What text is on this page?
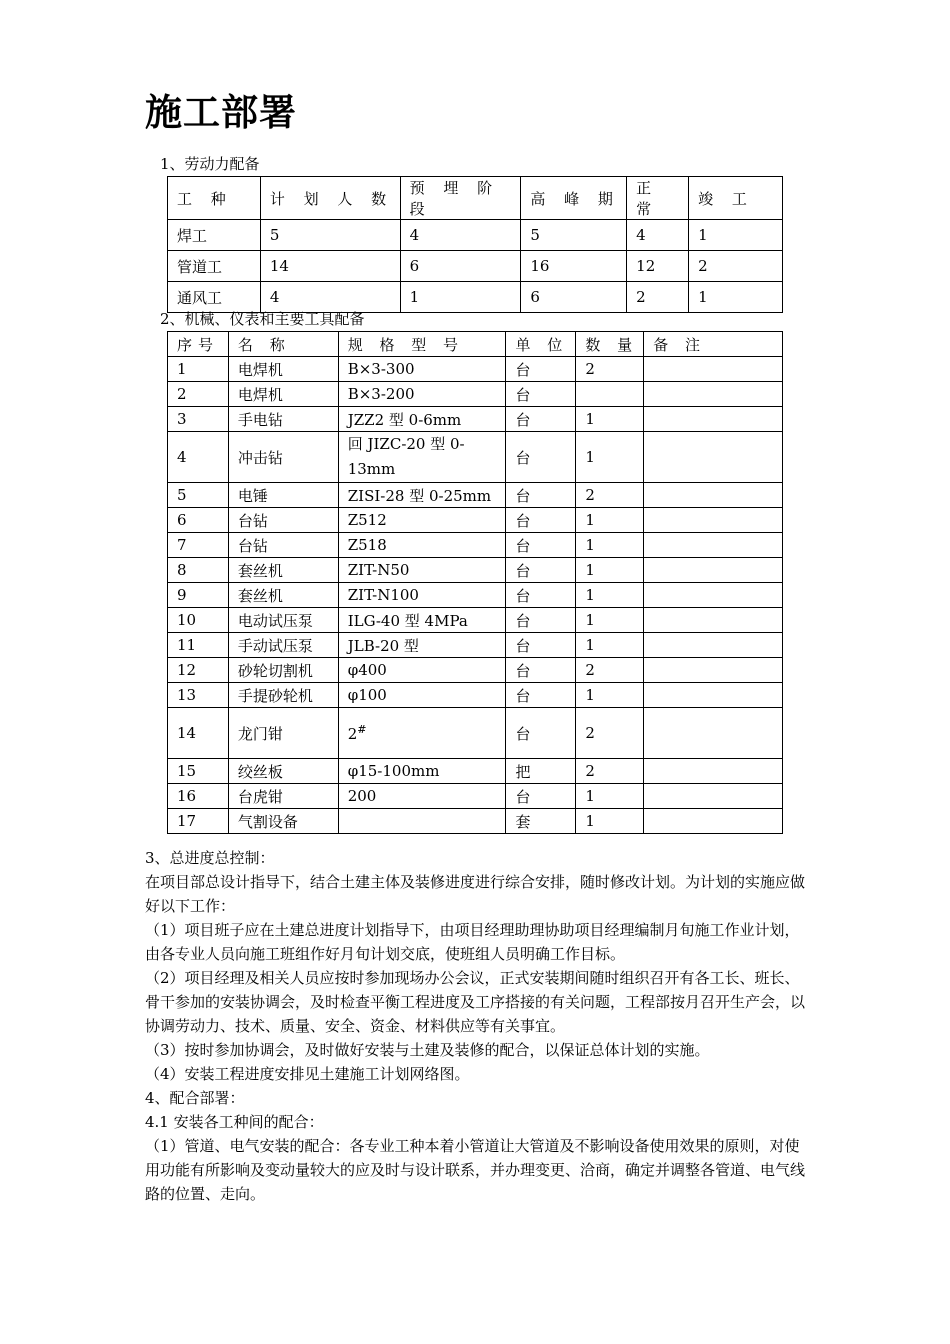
施工部署
1、劳动力配备
工 种	计 划 人 数	预 埋 阶 段	高 峰 期	正 常	竣 工
焊工	5	4	5	4	1
管道工	14	6	16	12	2
通风工	4	1	6	2	1
2、机械、仪表和主要工具配备
序号	名 称	规 格 型 号	单 位	数 量	备 注
1	电焊机	B×3-300	台	2	
2	电焊机	B×3-200	台		
3	手电钻	JZZ2 型 0-6mm	台	1	
4	冲击钻	回 JIZC-20 型 0-13mm	台	1	
5	电锤	ZISI-28 型 0-25mm	台	2	
6	台钻	Z512	台	1	
7	台钻	Z518	台	1	
8	套丝机	ZIT-N50	台	1	
9	套丝机	ZIT-N100	台	1	
10	电动试压泵	ILG-40 型 4MPa	台	1	
11	手动试压泵	JLB-20 型	台	1	
12	砂轮切割机	φ400	台	2	
13	手提砂轮机	φ100	台	1	
14	龙门钳	2#	台	2	
15	绞丝板	φ15-100mm	把	2	
16	台虎钳	200	台	1	
17	气割设备		套	1	
3、总进度总控制：
在项目部总设计指导下，结合土建主体及装修进度进行综合安排，随时修改计划。为计划的实施应做好以下工作：
（1）项目班子应在土建总进度计划指导下，由项目经理助理协助项目经理编制月旬施工作业计划，由各专业人员向施工班组作好月旬计划交底，使班组人员明确工作目标。
（2）项目经理及相关人员应按时参加现场办公会议，正式安装期间随时组织召开有各工长、班长、骨干参加的安装协调会，及时检查平衡工程进度及工序搭接的有关问题，工程部按月召开生产会，以协调劳动力、技术、质量、安全、资金、材料供应等有关事宜。
（3）按时参加协调会，及时做好安装与土建及装修的配合，以保证总体计划的实施。
（4）安装工程进度安排见土建施工计划网络图。
4、配合部署：
4.1 安装各工种间的配合：
（1）管道、电气安装的配合：各专业工种本着小管道让大管道及不影响设备使用效果的原则，对使用功能有所影响及变动量较大的应及时与设计联系，并办理变更、洽商，确定并调整各管道、电气线路的位置、走向。
